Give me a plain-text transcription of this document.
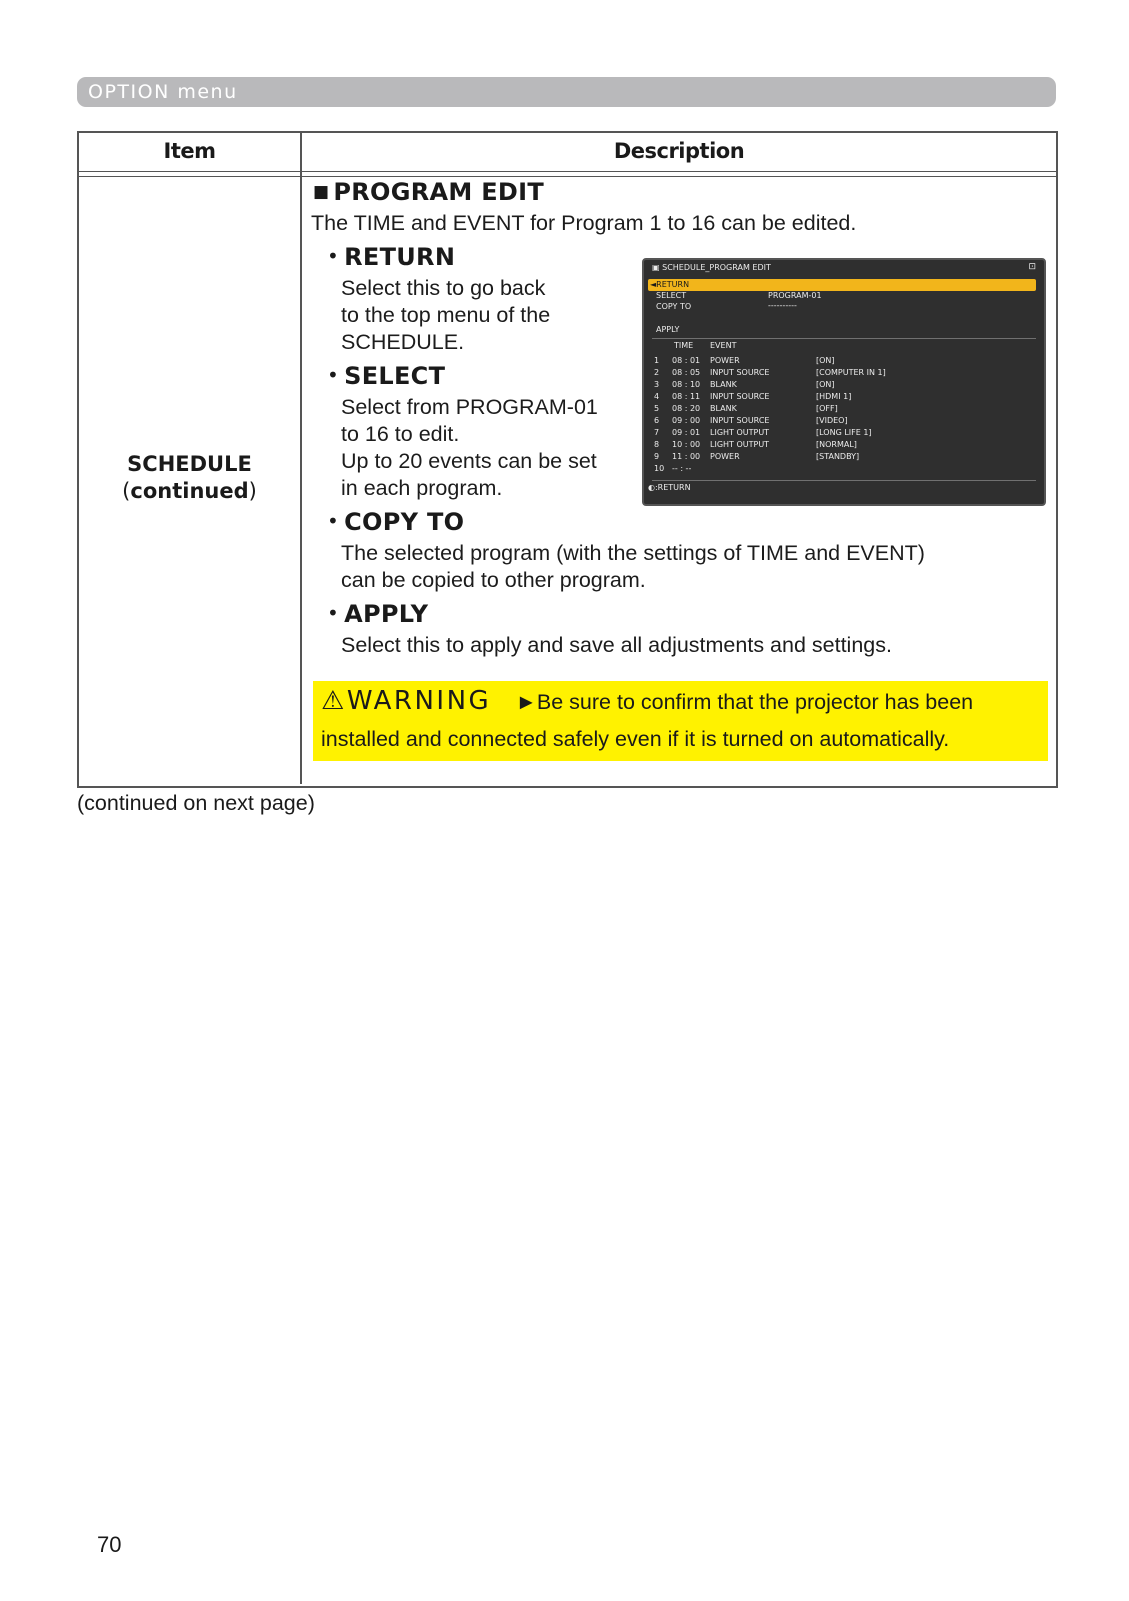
OPTION menu
Item	Description
SCHEDULE
(continued)
■ PROGRAM EDIT
The TIME and EVENT for Program 1 to 16 can be edited.
• RETURN
Select this to go back
to the top menu of the
SCHEDULE.
• SELECT
Select from PROGRAM-01
to 16 to edit.
Up to 20 events can be set
in each program.
• COPY TO
The selected program (with the settings of TIME and EVENT)
can be copied to other program.
• APPLY
Select this to apply and save all adjustments and settings.
▣ SCHEDULE_PROGRAM EDIT	⊡
◄RETURN
SELECT	PROGRAM-01
COPY TO	----------
APPLY
TIME EVENT
1 08 : 01 POWER	[ON]
2 08 : 05 INPUT SOURCE	[COMPUTER IN 1]
3 08 : 10 BLANK	[ON]
4 08 : 11 INPUT SOURCE	[HDMI 1]
5 08 : 20 BLANK	[OFF]
6 09 : 00 INPUT SOURCE	[VIDEO]
7 09 : 01 LIGHT OUTPUT	[LONG LIFE 1]
8 10 : 00 LIGHT OUTPUT	[NORMAL]
9 11 : 00 POWER	[STANDBY]
10 -- : --
◐:RETURN
⚠WARNING ►Be sure to confirm that the projector has been
installed and connected safely even if it is turned on automatically.
(continued on next page)
70
